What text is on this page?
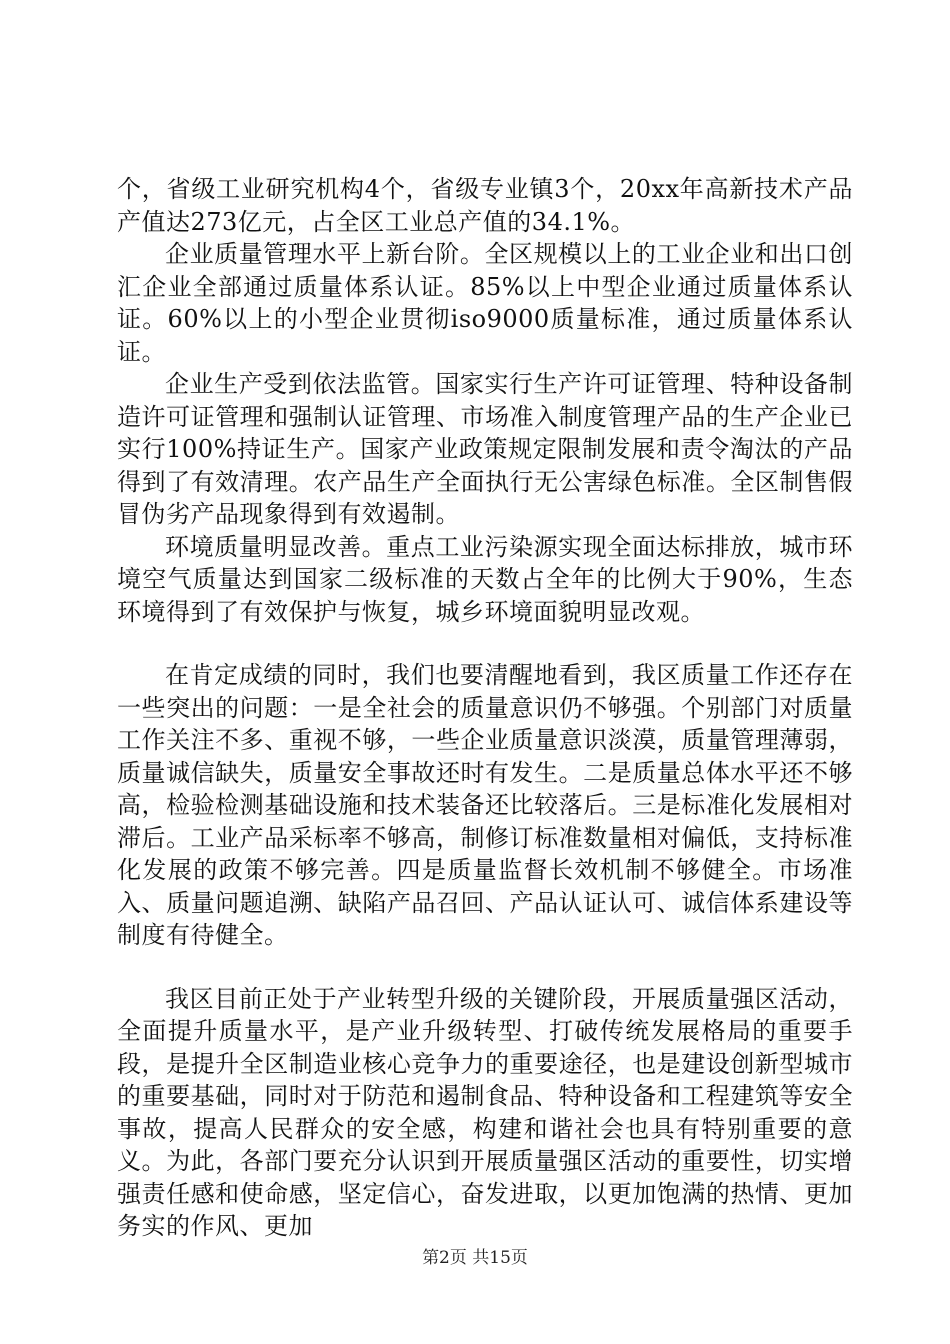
个，省级工业研究机构4个，省级专业镇3个，20xx年高新技术产品产值达273亿元，占全区工业总产值的34.1%。

企业质量管理水平上新台阶。全区规模以上的工业企业和出口创汇企业全部通过质量体系认证。85%以上中型企业通过质量体系认证。60%以上的小型企业贯彻iso9000质量标准，通过质量体系认证。

企业生产受到依法监管。国家实行生产许可证管理、特种设备制造许可证管理和强制认证管理、市场准入制度管理产品的生产企业已实行100%持证生产。国家产业政策规定限制发展和责令淘汰的产品得到了有效清理。农产品生产全面执行无公害绿色标准。全区制售假冒伪劣产品现象得到有效遏制。

环境质量明显改善。重点工业污染源实现全面达标排放，城市环境空气质量达到国家二级标准的天数占全年的比例大于90%，生态环境得到了有效保护与恢复，城乡环境面貌明显改观。

在肯定成绩的同时，我们也要清醒地看到，我区质量工作还存在一些突出的问题：一是全社会的质量意识仍不够强。个别部门对质量工作关注不多、重视不够，一些企业质量意识淡漠，质量管理薄弱，质量诚信缺失，质量安全事故还时有发生。二是质量总体水平还不够高，检验检测基础设施和技术装备还比较落后。三是标准化发展相对滞后。工业产品采标率不够高，制修订标准数量相对偏低，支持标准化发展的政策不够完善。四是质量监督长效机制不够健全。市场准入、质量问题追溯、缺陷产品召回、产品认证认可、诚信体系建设等制度有待健全。

我区目前正处于产业转型升级的关键阶段，开展质量强区活动，全面提升质量水平，是产业升级转型、打破传统发展格局的重要手段，是提升全区制造业核心竞争力的重要途径，也是建设创新型城市的重要基础，同时对于防范和遏制食品、特种设备和工程建筑等安全事故，提高人民群众的安全感，构建和谐社会也具有特别重要的意义。为此，各部门要充分认识到开展质量强区活动的重要性，切实增强责任感和使命感，坚定信心，奋发进取，以更加饱满的热情、更加务实的作风、更加

第2页 共15页
